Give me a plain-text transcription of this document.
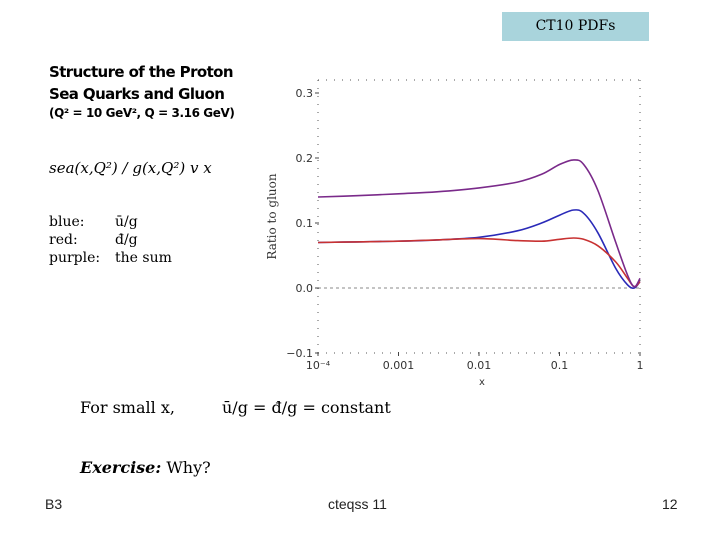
CT10 PDFs
Structure of the Proton
Sea Quarks and Gluon
(Q² = 10 GeV², Q = 3.16 GeV)
sea(x,Q²) / g(x,Q²) v x
blue: ū/g
red:	đ/g
purple: the sum
−0.1
0.0
0.1
0.2
0.3
10⁻⁴	0.001	0.01	0.1	1
Ratio to gluon
x
For small x,	ū/g = đ/g = constant
Exercise: Why?
B3	cteqss 11	12
